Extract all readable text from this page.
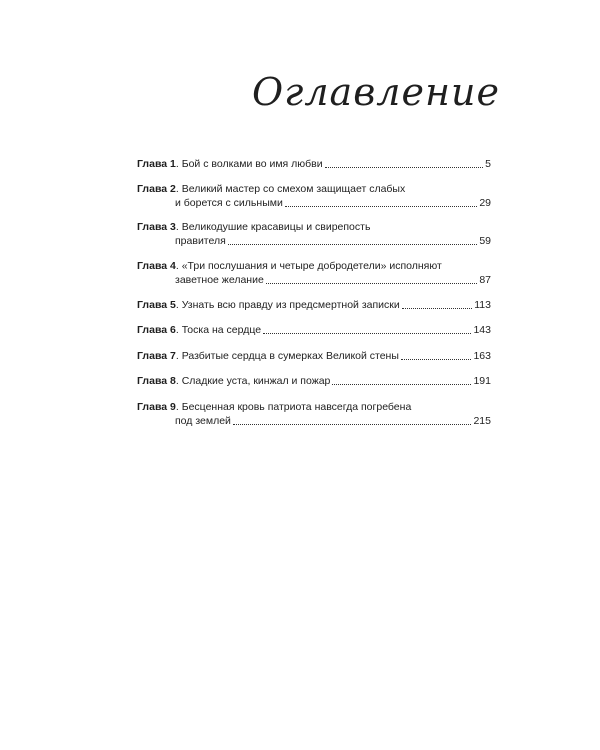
Оглавление
Глава 1. Бой с волками во имя любви	5
Глава 2. Великий мастер со смехом защищает слабых
и борется с сильными	29
Глава 3. Великодушие красавицы и свирепость
правителя	59
Глава 4. «Три послушания и четыре добродетели» исполняют
заветное желание	87
Глава 5. Узнать всю правду из предсмертной записки	113
Глава 6. Тоска на сердце	143
Глава 7. Разбитые сердца в сумерках Великой стены	163
Глава 8. Сладкие уста, кинжал и пожар	191
Глава 9. Бесценная кровь патриота навсегда погребена
под землей	215
